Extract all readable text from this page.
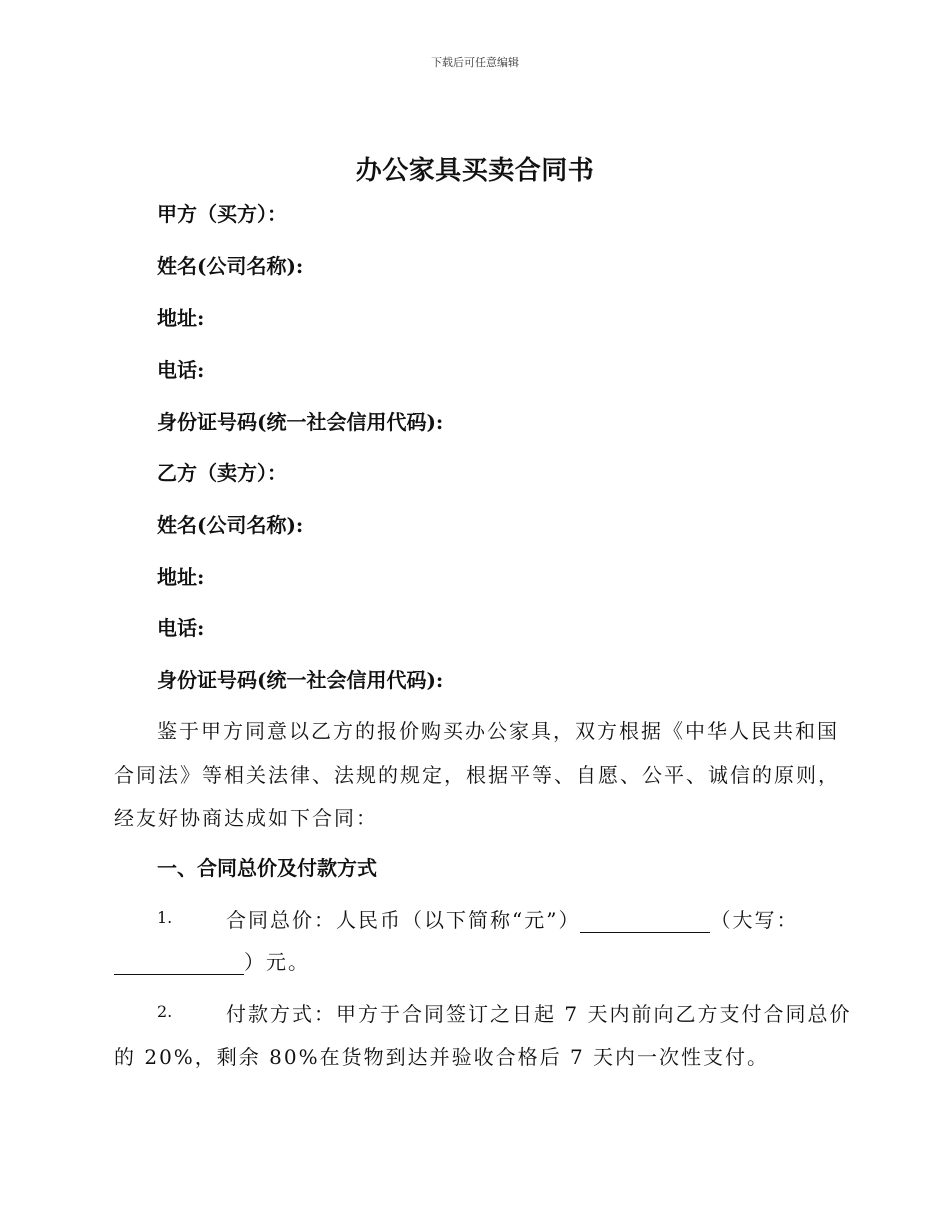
下载后可任意编辑
办公家具买卖合同书
甲方（买方）：
姓名(公司名称):
地址:
电话:
身份证号码(统一社会信用代码):
乙方（卖方）：
姓名(公司名称):
地址:
电话:
身份证号码(统一社会信用代码):
鉴于甲方同意以乙方的报价购买办公家具，双方根据《中华人民共和国
合同法》等相关法律、法规的规定，根据平等、自愿、公平、诚信的原则，
经友好协商达成如下合同：
一、合同总价及付款方式
1.	合同总价：人民币（以下简称“元”）	（大写：
）元。
2.	付款方式：甲方于合同签订之日起 7 天内前向乙方支付合同总价
的 20%，剩余 80%在货物到达并验收合格后 7 天内一次性支付。
